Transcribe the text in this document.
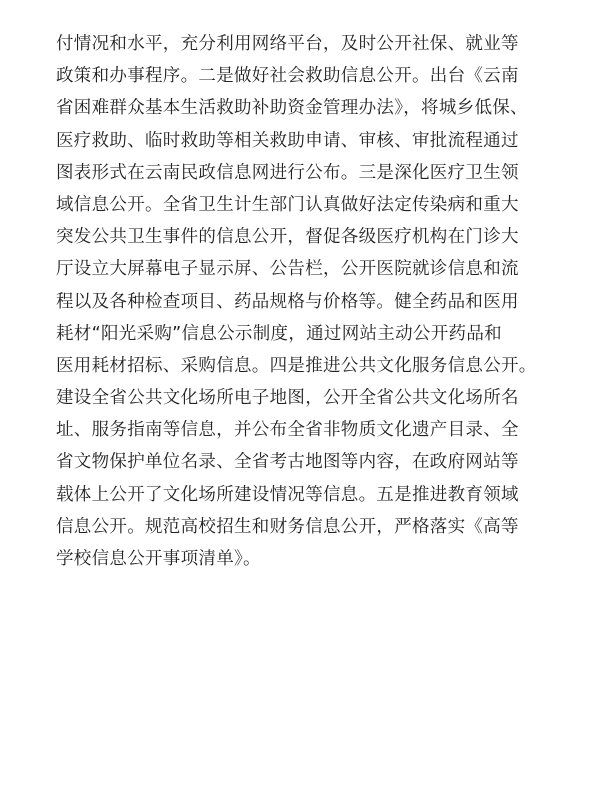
付情况和水平，充分利用网络平台，及时公开社保、就业等
政策和办事程序。二是做好社会救助信息公开。出台《云南
省困难群众基本生活救助补助资金管理办法》，将城乡低保、
医疗救助、临时救助等相关救助申请、审核、审批流程通过
图表形式在云南民政信息网进行公布。三是深化医疗卫生领
域信息公开。全省卫生计生部门认真做好法定传染病和重大
突发公共卫生事件的信息公开，督促各级医疗机构在门诊大
厅设立大屏幕电子显示屏、公告栏，公开医院就诊信息和流
程以及各种检查项目、药品规格与价格等。健全药品和医用
耗材“阳光采购”信息公示制度，通过网站主动公开药品和
医用耗材招标、采购信息。四是推进公共文化服务信息公开。
建设全省公共文化场所电子地图，公开全省公共文化场所名
址、服务指南等信息，并公布全省非物质文化遗产目录、全
省文物保护单位名录、全省考古地图等内容，在政府网站等
载体上公开了文化场所建设情况等信息。五是推进教育领域
信息公开。规范高校招生和财务信息公开，严格落实《高等
学校信息公开事项清单》。
